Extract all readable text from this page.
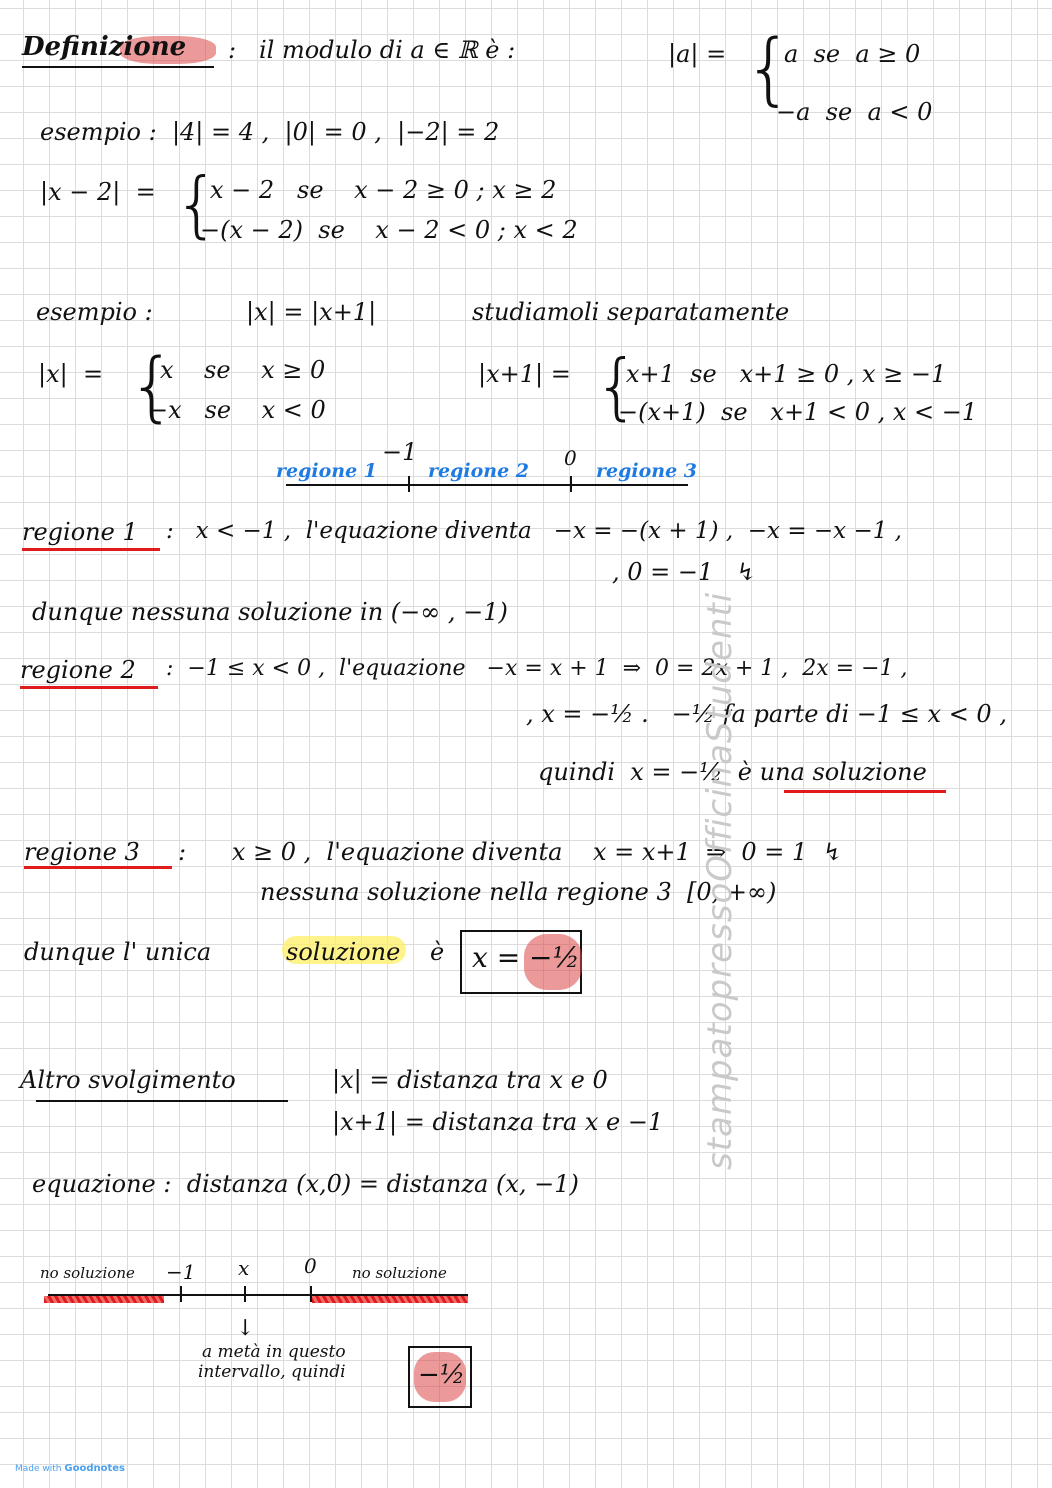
Definizione :   il modulo di a ∈ ℝ è :	|a| = {
a  se  a ≥ 0
−a  se  a < 0
esempio :  |4| = 4 ,  |0| = 0 ,  |−2| = 2
|x − 2|  = {
x − 2   se    x − 2 ≥ 0 ; x ≥ 2
−(x − 2)  se    x − 2 < 0 ; x < 2
esempio :	|x| = |x+1|	studiamoli separatamente
|x|  = {
x    se    x ≥ 0
−x   se    x < 0
|x+1| = {
x+1  se   x+1 ≥ 0 , x ≥ −1
−(x+1)  se   x+1 < 0 , x < −1
−1	0
regione 1	regione 2	regione 3
regione 1 :   x < −1 ,  l'equazione diventa   −x = −(x + 1) ,  −x = −x −1 ,
, 0 = −1   ↯
dunque nessuna soluzione in (−∞ , −1)
regione 2 :  −1 ≤ x < 0 ,  l'equazione   −x = x + 1  ⇒  0 = 2x + 1 ,  2x = −1 ,
, x = −½ .   −½ fa parte di −1 ≤ x < 0 ,
quindi  x = −½  è una soluzione
regione 3 :      x ≥ 0 ,  l'equazione diventa    x = x+1  ⇒  0 = 1  ↯
nessuna soluzione nella regione 3  [0, +∞)
dunque l' unica	soluzione è x = −½
Altro svolgimento	|x| = distanza tra x e 0
|x+1| = distanza tra x e −1
equazione :  distanza (x,0) = distanza (x, −1)
no soluzione −1 x	0 no soluzione
↓
a metà in questo
intervallo, quindi	−½
stampatopressoOfficinaStudenti
Made with Goodnotes
